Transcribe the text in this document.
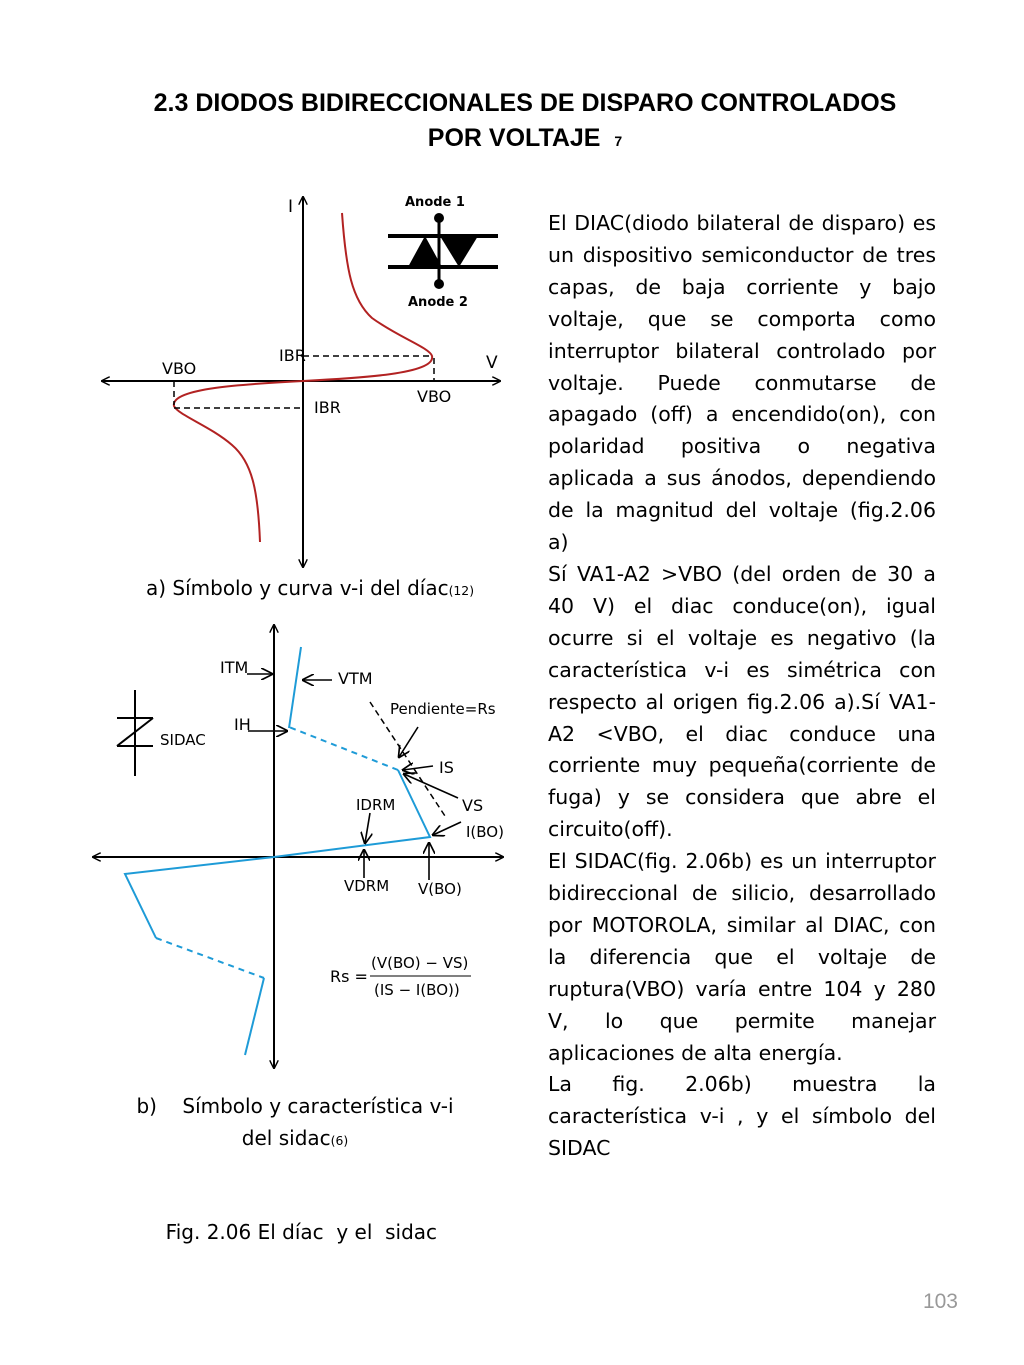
2.3 DIODOS BIDIRECCIONALES DE DISPARO CONTROLADOS
POR VOLTAJE 7
I
V
VBO
VBO
IBR
IBR
Anode 1
Anode 2
ITM
VTM
IH
Pendiente=Rs
IS
VS
IDRM
I(BO)
VDRM V(BO)
SIDAC
Rs =
(V(BO) − VS)
(IS − I(BO))
a) Símbolo y curva v-i del díac(12)
b)    Símbolo y característica v-i
del sidac(6)

Fig. 2.06 El díac  y el  sidac

El DIAC(diodo bilateral de disparo) es un dispositivo semiconductor de tres capas, de baja corriente y bajo voltaje, que se comporta como interruptor bilateral controlado por voltaje. Puede conmutarse de apagado (off) a encendido(on), con polaridad positiva o negativa aplicada a sus ánodos, dependiendo de la magnitud del voltaje (fig.2.06 a)

Sí VA1-A2 >VBO (del orden de 30 a 40 V) el diac conduce(on), igual ocurre si el voltaje es negativo (la característica v-i es simétrica con respecto al origen fig.2.06 a).Sí VA1-A2 <VBO, el diac conduce una corriente muy pequeña(corriente de fuga) y se considera que abre el circuito(off).

El SIDAC(fig. 2.06b) es un interruptor bidireccional de silicio, desarrollado por MOTOROLA, similar al DIAC, con la diferencia que el voltaje de ruptura(VBO) varía entre 104 y 280 V, lo que permite manejar aplicaciones de alta energía.

La fig. 2.06b) muestra la característica v-i , y el símbolo del SIDAC

103
